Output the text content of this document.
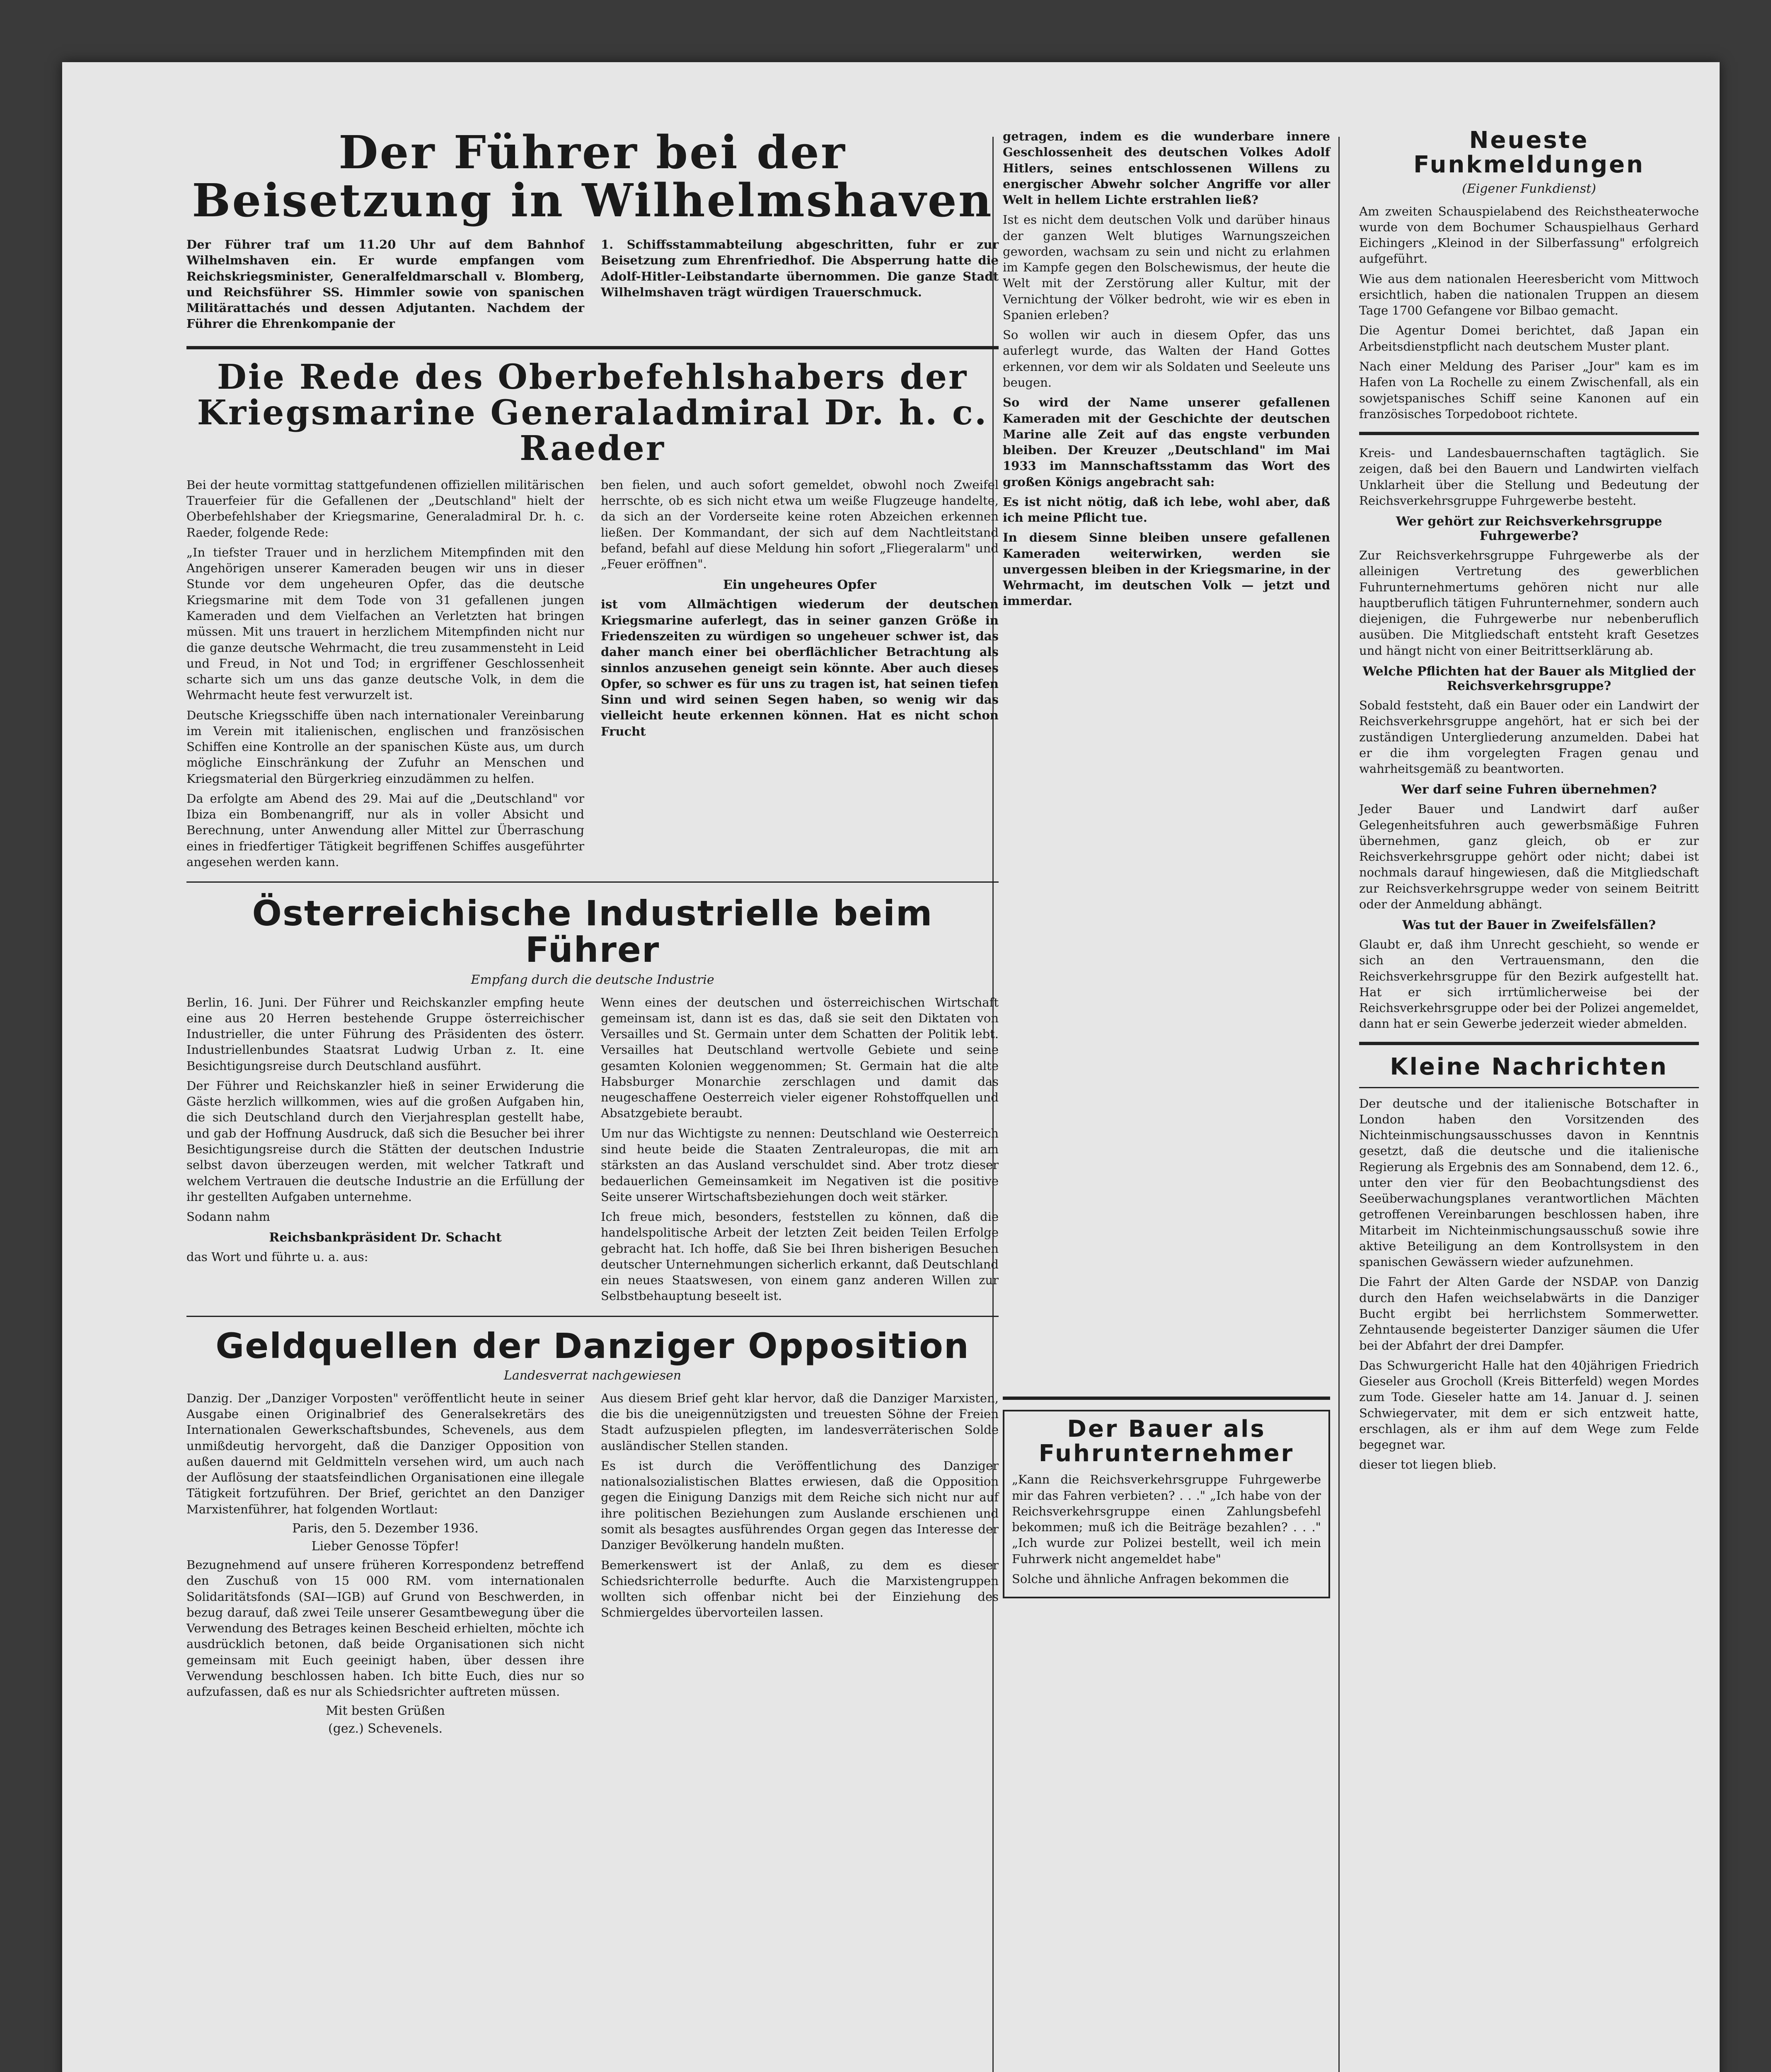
Der Führer bei der Beisetzung in Wilhelmshaven

Der Führer traf um 11.20 Uhr auf dem Bahnhof Wilhelmshaven ein. Er wurde empfangen vom Reichskriegsminister, Generalfeldmarschall v. Blomberg, und Reichsführer SS. Himmler sowie von spanischen Militärattachés und dessen Adjutanten. Nachdem der Führer die Ehrenkompanie der

1. Schiffsstammabteilung abgeschritten, fuhr er zur Beisetzung zum Ehrenfriedhof. Die Absperrung hatte die Adolf-Hitler-Leibstandarte übernommen. Die ganze Stadt Wilhelmshaven trägt würdigen Trauerschmuck.

Die Rede des Oberbefehlshabers der Kriegsmarine Generaladmiral Dr. h. c. Raeder

Bei der heute vormittag stattgefundenen offiziellen militärischen Trauerfeier für die Gefallenen der „Deutschland" hielt der Oberbefehlshaber der Kriegsmarine, Generaladmiral Dr. h. c. Raeder, folgende Rede:

„In tiefster Trauer und in herzlichem Mitempfinden mit den Angehörigen unserer Kameraden beugen wir uns in dieser Stunde vor dem ungeheuren Opfer, das die deutsche Kriegsmarine mit dem Tode von 31 gefallenen jungen Kameraden und dem Vielfachen an Verletzten hat bringen müssen. Mit uns trauert in herzlichem Mitempfinden nicht nur die ganze deutsche Wehrmacht, die treu zusammensteht in Leid und Freud, in Not und Tod; in ergriffener Geschlossenheit scharte sich um uns das ganze deutsche Volk, in dem die Wehrmacht heute fest verwurzelt ist.

Deutsche Kriegsschiffe üben nach internationaler Vereinbarung im Verein mit italienischen, englischen und französischen Schiffen eine Kontrolle an der spanischen Küste aus, um durch mögliche Einschränkung der Zufuhr an Menschen und Kriegsmaterial den Bürgerkrieg einzudämmen zu helfen.

Da erfolgte am Abend des 29. Mai auf die „Deutschland" vor Ibiza ein Bombenangriff, nur als in voller Absicht und Berechnung, unter Anwendung aller Mittel zur Überraschung eines in friedfertiger Tätigkeit begriffenen Schiffes ausgeführter angesehen werden kann.

ben fielen, und auch sofort gemeldet, obwohl noch Zweifel herrschte, ob es sich nicht etwa um weiße Flugzeuge handelte, da sich an der Vorderseite keine roten Abzeichen erkennen ließen. Der Kommandant, der sich auf dem Nachtleitstand befand, befahl auf diese Meldung hin sofort „Fliegeralarm" und „Feuer eröffnen".

Ein ungeheures Opfer

ist vom Allmächtigen wiederum der deutschen Kriegsmarine auferlegt, das in seiner ganzen Größe in Friedenszeiten zu würdigen so ungeheuer schwer ist, das daher manch einer bei oberflächlicher Betrachtung als sinnlos anzusehen geneigt sein könnte. Aber auch dieses Opfer, so schwer es für uns zu tragen ist, hat seinen tiefen Sinn und wird seinen Segen haben, so wenig wir das vielleicht heute erkennen können. Hat es nicht schon Frucht

Österreichische Industrielle beim Führer
Empfang durch die deutsche Industrie

Berlin, 16. Juni. Der Führer und Reichskanzler empfing heute eine aus 20 Herren bestehende Gruppe österreichischer Industrieller, die unter Führung des Präsidenten des österr. Industriellenbundes Staatsrat Ludwig Urban z. It. eine Besichtigungsreise durch Deutschland ausführt.

Der Führer und Reichskanzler hieß in seiner Erwiderung die Gäste herzlich willkommen, wies auf die großen Aufgaben hin, die sich Deutschland durch den Vierjahresplan gestellt habe, und gab der Hoffnung Ausdruck, daß sich die Besucher bei ihrer Besichtigungsreise durch die Stätten der deutschen Industrie selbst davon überzeugen werden, mit welcher Tatkraft und welchem Vertrauen die deutsche Industrie an die Erfüllung der ihr gestellten Aufgaben unternehme.

Sodann nahm

Reichsbankpräsident Dr. Schacht

das Wort und führte u. a. aus:

Wenn eines der deutschen und österreichischen Wirtschaft gemeinsam ist, dann ist es das, daß sie seit den Diktaten von Versailles und St. Germain unter dem Schatten der Politik lebt. Versailles hat Deutschland wertvolle Gebiete und seine gesamten Kolonien weggenommen; St. Germain hat die alte Habsburger Monarchie zerschlagen und damit das neugeschaffene Oesterreich vieler eigener Rohstoffquellen und Absatzgebiete beraubt.

Um nur das Wichtigste zu nennen: Deutschland wie Oesterreich sind heute beide die Staaten Zentraleuropas, die mit am stärksten an das Ausland verschuldet sind. Aber trotz dieser bedauerlichen Gemeinsamkeit im Negativen ist die positive Seite unserer Wirtschaftsbeziehungen doch weit stärker.

Ich freue mich, besonders, feststellen zu können, daß die handelspolitische Arbeit der letzten Zeit beiden Teilen Erfolge gebracht hat. Ich hoffe, daß Sie bei Ihren bisherigen Besuchen deutscher Unternehmungen sicherlich erkannt, daß Deutschland ein neues Staatswesen, von einem ganz anderen Willen zur Selbstbehauptung beseelt ist.

Geldquellen der Danziger Opposition
Landesverrat nachgewiesen

Danzig. Der „Danziger Vorposten" veröffentlicht heute in seiner Ausgabe einen Originalbrief des Generalsekretärs des Internationalen Gewerkschaftsbundes, Schevenels, aus dem unmißdeutig hervorgeht, daß die Danziger Opposition von außen dauernd mit Geldmitteln versehen wird, um auch nach der Auflösung der staatsfeindlichen Organisationen eine illegale Tätigkeit fortzuführen. Der Brief, gerichtet an den Danziger Marxistenführer, hat folgenden Wortlaut:

Paris, den 5. Dezember 1936.
Lieber Genosse Töpfer!

Bezugnehmend auf unsere früheren Korrespondenz betreffend den Zuschuß von 15 000 RM. vom internationalen Solidaritätsfonds (SAI—IGB) auf Grund von Beschwerden, in bezug darauf, daß zwei Teile unserer Gesamtbewegung über die Verwendung des Betrages keinen Bescheid erhielten, möchte ich ausdrücklich betonen, daß beide Organisationen sich nicht gemeinsam mit Euch geeinigt haben, über dessen ihre Verwendung beschlossen haben. Ich bitte Euch, dies nur so aufzufassen, daß es nur als Schiedsrichter auftreten müssen.

Mit besten Grüßen
(gez.) Schevenels.

Aus diesem Brief geht klar hervor, daß die Danziger Marxisten, die bis die uneigennützigsten und treuesten Söhne der Freien Stadt aufzuspielen pflegten, im landesverräterischen Solde ausländischer Stellen standen.

Es ist durch die Veröffentlichung des Danziger nationalsozialistischen Blattes erwiesen, daß die Opposition gegen die Einigung Danzigs mit dem Reiche sich nicht nur auf ihre politischen Beziehungen zum Auslande erschienen und somit als besagtes ausführendes Organ gegen das Interesse der Danziger Bevölkerung handeln mußten.

Bemerkenswert ist der Anlaß, zu dem es dieser Schiedsrichterrolle bedurfte. Auch die Marxistengruppen wollten sich offenbar nicht bei der Einziehung des Schmiergeldes übervorteilen lassen.

getragen, indem es die wunderbare innere Geschlossenheit des deutschen Volkes Adolf Hitlers, seines entschlossenen Willens zu energischer Abwehr solcher Angriffe vor aller Welt in hellem Lichte erstrahlen ließ?

Ist es nicht dem deutschen Volk und darüber hinaus der ganzen Welt blutiges Warnungszeichen geworden, wachsam zu sein und nicht zu erlahmen im Kampfe gegen den Bolschewismus, der heute die Welt mit der Zerstörung aller Kultur, mit der Vernichtung der Völker bedroht, wie wir es eben in Spanien erleben?

So wollen wir auch in diesem Opfer, das uns auferlegt wurde, das Walten der Hand Gottes erkennen, vor dem wir als Soldaten und Seeleute uns beugen.

So wird der Name unserer gefallenen Kameraden mit der Geschichte der deutschen Marine alle Zeit auf das engste verbunden bleiben. Der Kreuzer „Deutschland" im Mai 1933 im Mannschaftsstamm das Wort des großen Königs angebracht sah:

Es ist nicht nötig, daß ich lebe, wohl aber, daß ich meine Pflicht tue.

In diesem Sinne bleiben unsere gefallenen Kameraden weiterwirken, werden sie unvergessen bleiben in der Kriegsmarine, in der Wehrmacht, im deutschen Volk — jetzt und immerdar.

Der Bauer als Fuhrunternehmer

„Kann die Reichsverkehrsgruppe Fuhrgewerbe mir das Fahren verbieten? . . ." „Ich habe von der Reichsverkehrsgruppe einen Zahlungsbefehl bekommen; muß ich die Beiträge bezahlen? . . ." „Ich wurde zur Polizei bestellt, weil ich mein Fuhrwerk nicht angemeldet habe"

Solche und ähnliche Anfragen bekommen die

Neueste Funkmeldungen
(Eigener Funkdienst)

Am zweiten Schauspielabend des Reichstheaterwoche wurde von dem Bochumer Schauspielhaus Gerhard Eichingers „Kleinod in der Silberfassung" erfolgreich aufgeführt.

Wie aus dem nationalen Heeresbericht vom Mittwoch ersichtlich, haben die nationalen Truppen an diesem Tage 1700 Gefangene vor Bilbao gemacht.

Die Agentur Domei berichtet, daß Japan ein Arbeitsdienstpflicht nach deutschem Muster plant.

Nach einer Meldung des Pariser „Jour" kam es im Hafen von La Rochelle zu einem Zwischenfall, als ein sowjetspanisches Schiff seine Kanonen auf ein französisches Torpedoboot richtete.

Kreis- und Landesbauernschaften tagtäglich. Sie zeigen, daß bei den Bauern und Landwirten vielfach Unklarheit über die Stellung und Bedeutung der Reichsverkehrsgruppe Fuhrgewerbe besteht.

Wer gehört zur Reichsverkehrsgruppe Fuhrgewerbe?

Zur Reichsverkehrsgruppe Fuhrgewerbe als der alleinigen Vertretung des gewerblichen Fuhrunternehmertums gehören nicht nur alle hauptberuflich tätigen Fuhrunternehmer, sondern auch diejenigen, die Fuhrgewerbe nur nebenberuflich ausüben. Die Mitgliedschaft entsteht kraft Gesetzes und hängt nicht von einer Beitrittserklärung ab.

Welche Pflichten hat der Bauer als Mitglied der Reichsverkehrsgruppe?

Sobald feststeht, daß ein Bauer oder ein Landwirt der Reichsverkehrsgruppe angehört, hat er sich bei der zuständigen Untergliederung anzumelden. Dabei hat er die ihm vorgelegten Fragen genau und wahrheitsgemäß zu beantworten.

Wer darf seine Fuhren übernehmen?

Jeder Bauer und Landwirt darf außer Gelegenheitsfuhren auch gewerbsmäßige Fuhren übernehmen, ganz gleich, ob er zur Reichsverkehrsgruppe gehört oder nicht; dabei ist nochmals darauf hingewiesen, daß die Mitgliedschaft zur Reichsverkehrsgruppe weder von seinem Beitritt oder der Anmeldung abhängt.

Was tut der Bauer in Zweifelsfällen?

Glaubt er, daß ihm Unrecht geschieht, so wende er sich an den Vertrauensmann, den die Reichsverkehrsgruppe für den Bezirk aufgestellt hat. Hat er sich irrtümlicherweise bei der Reichsverkehrsgruppe oder bei der Polizei angemeldet, dann hat er sein Gewerbe jederzeit wieder abmelden.

Kleine Nachrichten

Der deutsche und der italienische Botschafter in London haben den Vorsitzenden des Nichteinmischungsausschusses davon in Kenntnis gesetzt, daß die deutsche und die italienische Regierung als Ergebnis des am Sonnabend, dem 12. 6., unter den vier für den Beobachtungsdienst des Seeüberwachungsplanes verantwortlichen Mächten getroffenen Vereinbarungen beschlossen haben, ihre Mitarbeit im Nichteinmischungsausschuß sowie ihre aktive Beteiligung an dem Kontrollsystem in den spanischen Gewässern wieder aufzunehmen.

Die Fahrt der Alten Garde der NSDAP. von Danzig durch den Hafen weichselabwärts in die Danziger Bucht ergibt bei herrlichstem Sommerwetter. Zehntausende begeisterter Danziger säumen die Ufer bei der Abfahrt der drei Dampfer.

Das Schwurgericht Halle hat den 40jährigen Friedrich Gieseler aus Grocholl (Kreis Bitterfeld) wegen Mordes zum Tode. Gieseler hatte am 14. Januar d. J. seinen Schwiegervater, mit dem er sich entzweit hatte, erschlagen, als er ihm auf dem Wege zum Felde begegnet war.

dieser tot liegen blieb.
